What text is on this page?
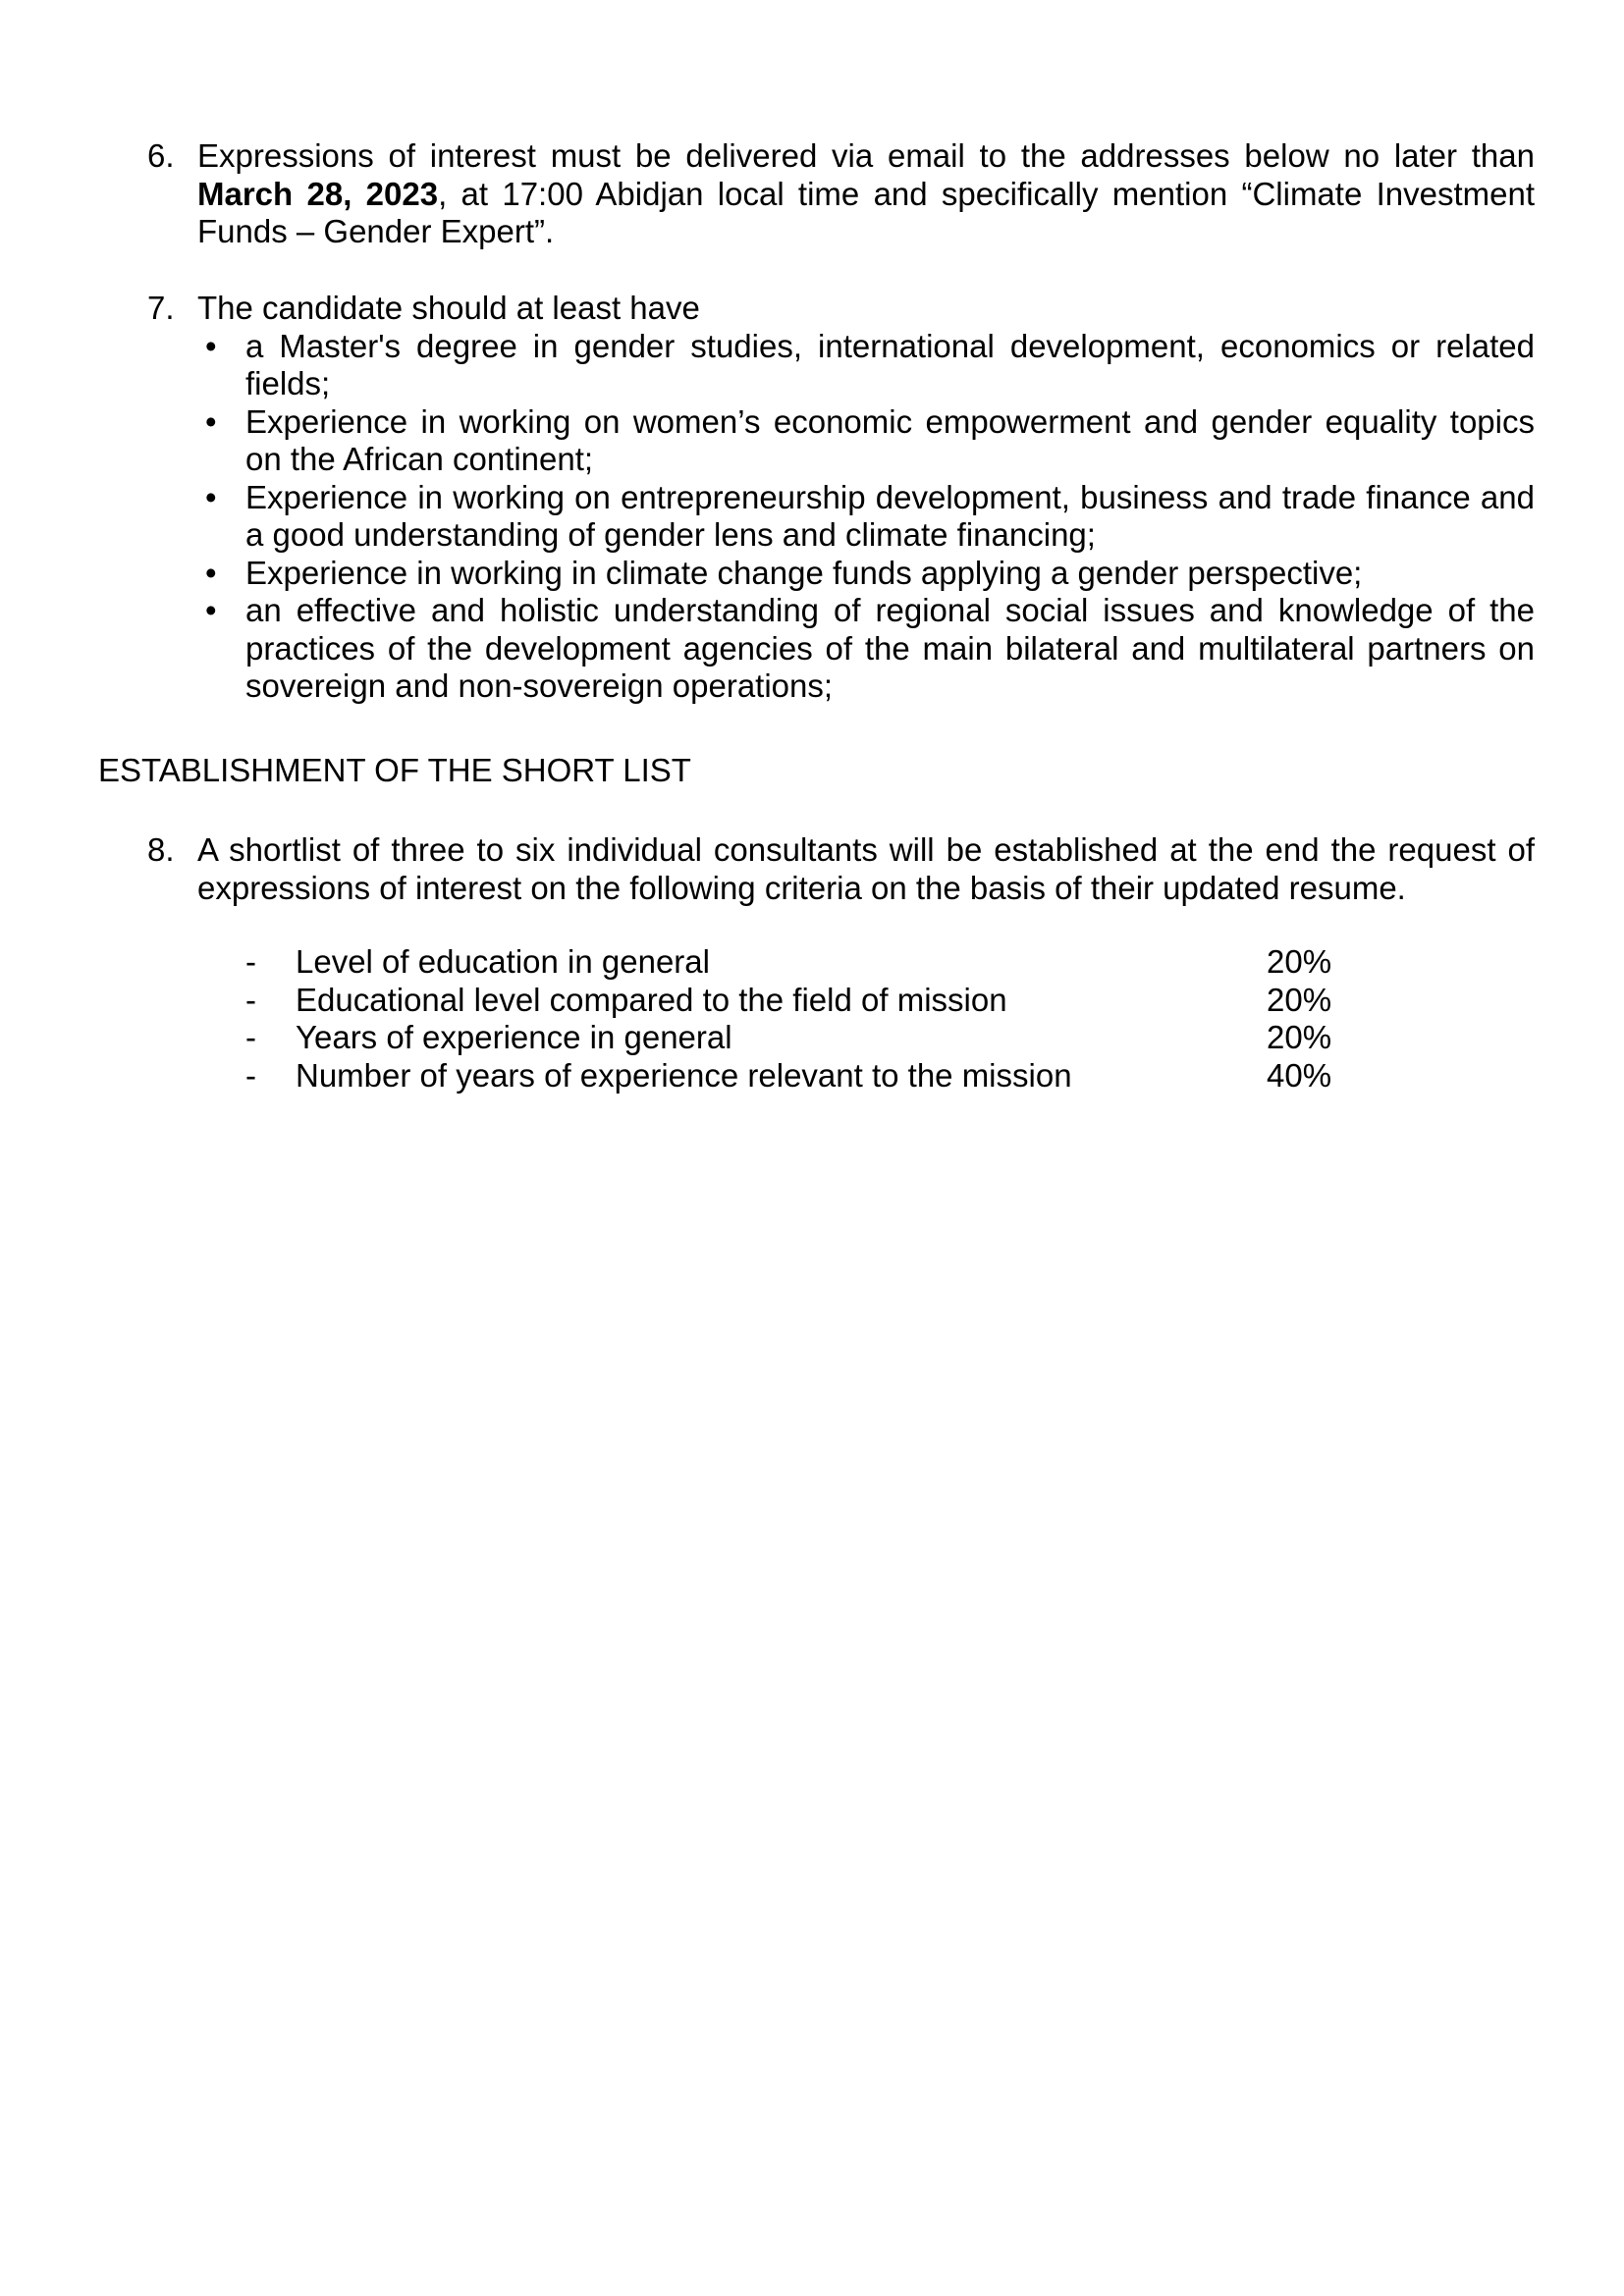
6. Expressions of interest must be delivered via email to the addresses below no later than March 28, 2023, at 17:00 Abidjan local time and specifically mention “Climate Investment Funds – Gender Expert”.
7. The candidate should at least have
• a Master's degree in gender studies, international development, economics or related fields;
• Experience in working on women’s economic empowerment and gender equality topics on the African continent;
• Experience in working on entrepreneurship development, business and trade finance and a good understanding of gender lens and climate financing;
• Experience in working in climate change funds applying a gender perspective;
• an effective and holistic understanding of regional social issues and knowledge of the practices of the development agencies of the main bilateral and multilateral partners on sovereign and non-sovereign operations;
ESTABLISHMENT OF THE SHORT LIST
8. A shortlist of three to six individual consultants will be established at the end the request of expressions of interest on the following criteria on the basis of their updated resume.
- Level of education in general	20%
- Educational level compared to the field of mission	20%
- Years of experience in general	20%
- Number of years of experience relevant to the mission	40%
